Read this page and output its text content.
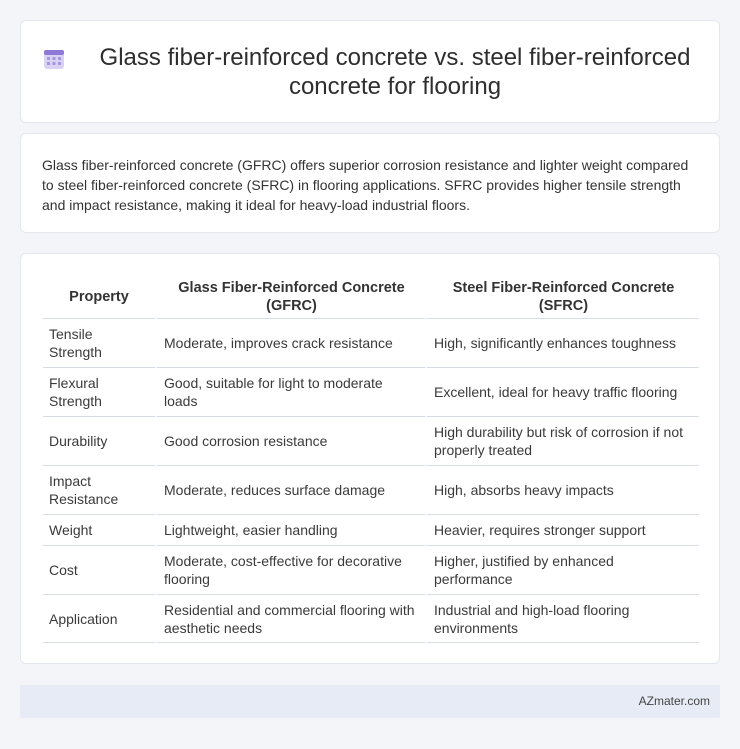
Glass fiber-reinforced concrete vs. steel fiber-reinforced concrete for flooring

Glass fiber-reinforced concrete (GFRC) offers superior corrosion resistance and lighter weight compared to steel fiber-reinforced concrete (SFRC) in flooring applications. SFRC provides higher tensile strength and impact resistance, making it ideal for heavy-load industrial floors.

Property	Glass Fiber-Reinforced Concrete (GFRC)	Steel Fiber-Reinforced Concrete (SFRC)
Tensile Strength	Moderate, improves crack resistance	High, significantly enhances toughness
Flexural Strength	Good, suitable for light to moderate loads	Excellent, ideal for heavy traffic flooring
Durability	Good corrosion resistance	High durability but risk of corrosion if not properly treated
Impact Resistance	Moderate, reduces surface damage	High, absorbs heavy impacts
Weight	Lightweight, easier handling	Heavier, requires stronger support
Cost	Moderate, cost-effective for decorative flooring	Higher, justified by enhanced performance
Application	Residential and commercial flooring with aesthetic needs	Industrial and high-load flooring environments
AZmater.com
